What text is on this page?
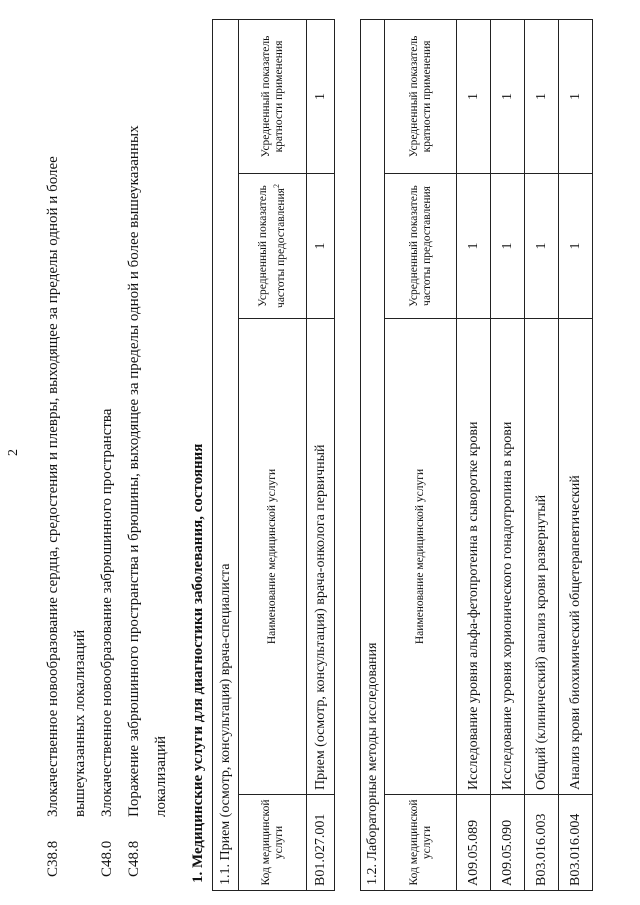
2
C38.8
Злокачественное новообразование сердца, средостения и плевры, выходящее за пределы одной и более вышеуказанных локализаций
C48.0
Злокачественное новообразование забрюшинного пространства
C48.8
Поражение забрюшинного пространства и брюшины, выходящее за пределы одной и более вышеуказанных локализаций 1. Медицинские услуги для диагностики заболевания, состояния 1.1. Прием (осмотр, консультация) врача-специалиста			
Код медицинской услуги	Наименование медицинской услуги	Усредненный показатель частоты предоставления$^2$	Усредненный показатель кратности применения
B01.027.001	Прием (осмотр, консультация) врача-онколога первичный	1	1
1.2. Лабораторные методы исследования			
Код медицинской услуги	Наименование медицинской услуги	Усредненный показатель частоты предоставления	Усредненный показатель кратности применения
A09.05.089	Исследование уровня альфа-фетопротеина в сыворотке крови	1	1
A09.05.090	Исследование уровня хорионического гонадотропина в крови	1	1
B03.016.003	Общий (клинический) анализ крови развернутый	1	1
B03.016.004	Анализ крови биохимический общетерапевтический	1	1
